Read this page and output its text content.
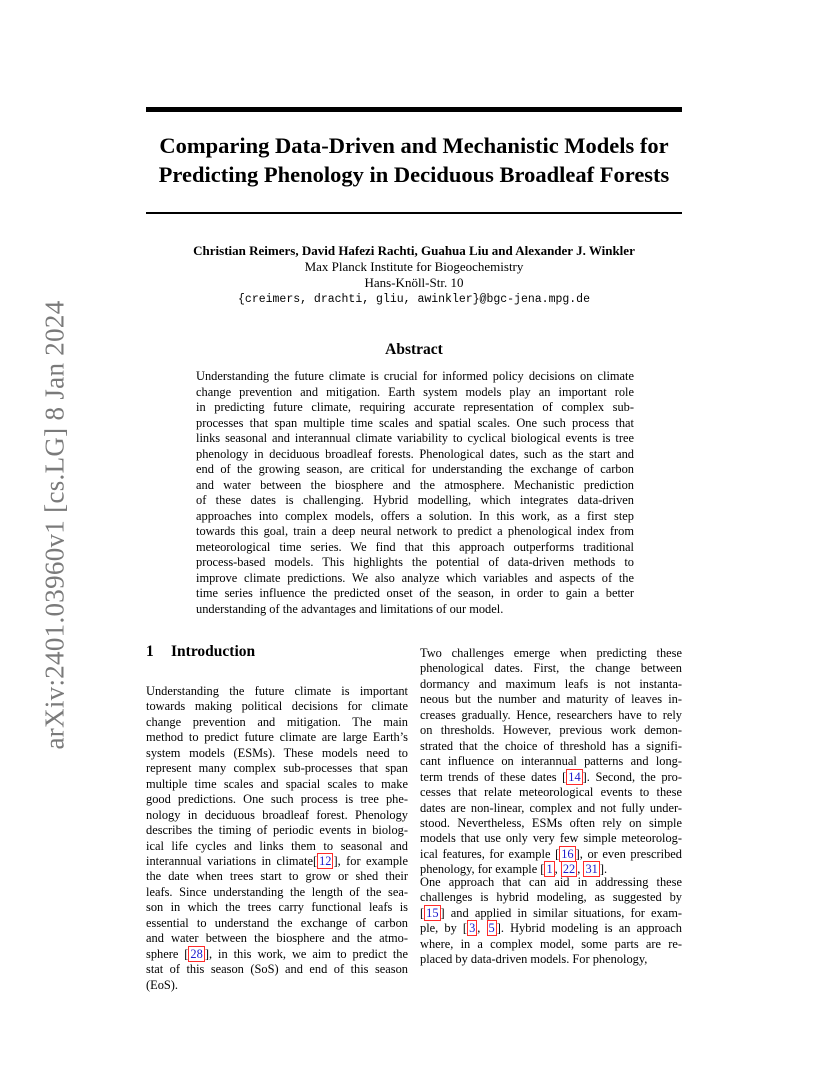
Comparing Data-Driven and Mechanistic Models for
Predicting Phenology in Deciduous Broadleaf Forests
arXiv:2401.03960v1 [cs.LG] 8 Jan 2024
Christian Reimers, David Hafezi Rachti, Guahua Liu and Alexander J. Winkler
Max Planck Institute for Biogeochemistry
Hans-Knöll-Str. 10
{creimers, drachti, gliu, awinkler}@bgc-jena.mpg.de
Abstract
Understanding the future climate is crucial for informed policy decisions on climate
change prevention and mitigation. Earth system models play an important role
in predicting future climate, requiring accurate representation of complex sub-
processes that span multiple time scales and spatial scales. One such process that
links seasonal and interannual climate variability to cyclical biological events is tree
phenology in deciduous broadleaf forests. Phenological dates, such as the start and
end of the growing season, are critical for understanding the exchange of carbon
and water between the biosphere and the atmosphere. Mechanistic prediction
of these dates is challenging. Hybrid modelling, which integrates data-driven
approaches into complex models, offers a solution. In this work, as a first step
towards this goal, train a deep neural network to predict a phenological index from
meteorological time series. We find that this approach outperforms traditional
process-based models. This highlights the potential of data-driven methods to
improve climate predictions. We also analyze which variables and aspects of the
time series influence the predicted onset of the season, in order to gain a better
understanding of the advantages and limitations of our model.
1 Introduction
Understanding the future climate is important
towards making political decisions for climate
change prevention and mitigation. The main
method to predict future climate are large Earth’s
system models (ESMs). These models need to
represent many complex sub-processes that span
multiple time scales and spacial scales to make
good predictions. One such process is tree phe-
nology in deciduous broadleaf forest. Phenology
describes the timing of periodic events in biolog-
ical life cycles and links them to seasonal and
interannual variations in climate[ 12 ], for example
the date when trees start to grow or shed their
leafs. Since understanding the length of the sea-
son in which the trees carry functional leafs is
essential to understand the exchange of carbon
and water between the biosphere and the atmo-
sphere [ 28 ], in this work, we aim to predict the
stat of this season (SoS) and end of this season
(EoS).
Two challenges emerge when predicting these
phenological dates. First, the change between
dormancy and maximum leafs is not instanta-
neous but the number and maturity of leaves in-
creases gradually. Hence, researchers have to rely
on thresholds. However, previous work demon-
strated that the choice of threshold has a signifi-
cant influence on interannual patterns and long-
term trends of these dates [ 14 ]. Second, the pro-
cesses that relate meteorological events to these
dates are non-linear, complex and not fully under-
stood. Nevertheless, ESMs often rely on simple
models that use only very few simple meteorolog-
ical features, for example [ 16 ], or even prescribed
phenology, for example [ 1 , 22 , 31 ].
One approach that can aid in addressing these
challenges is hybrid modeling, as suggested by
[ 15 ] and applied in similar situations, for exam-
ple, by [ 3 , 5 ]. Hybrid modeling is an approach
where, in a complex model, some parts are re-
placed by data-driven models. For phenology,
